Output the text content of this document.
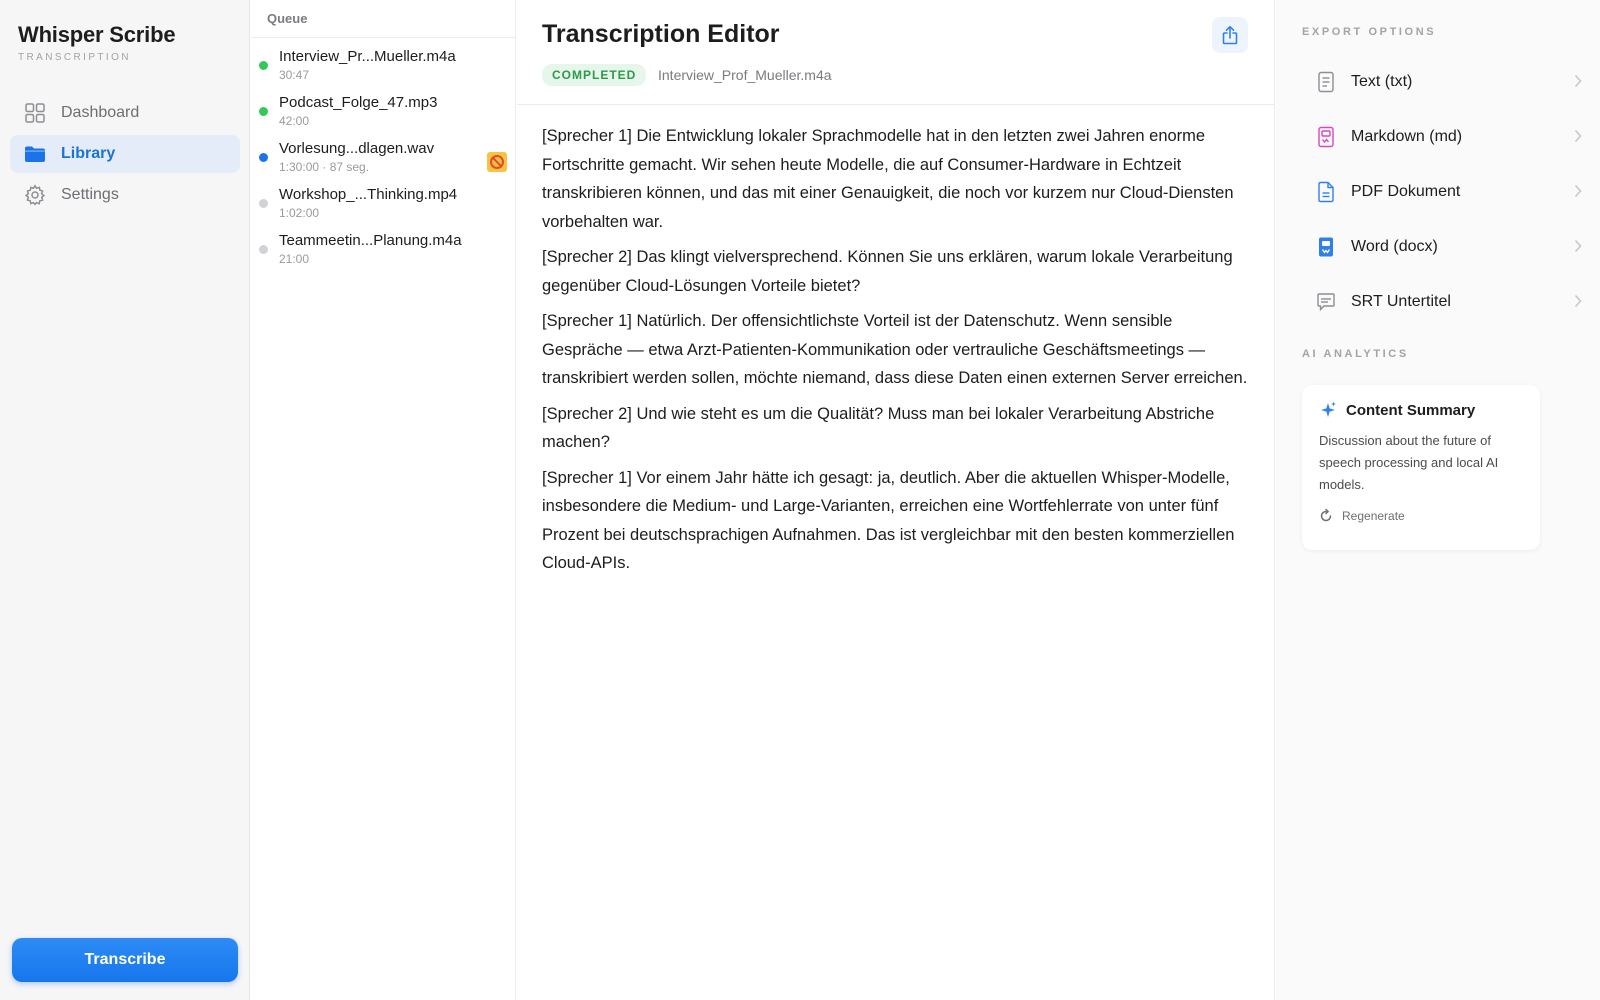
Whisper Scribe
TRANSCRIPTION
Dashboard
Library
Settings
Transcribe
Queue
Interview_Pr...Mueller.m4a
30:47
Podcast_Folge_47.mp3
42:00
Vorlesung...dlagen.wav
1:30:00 · 87 seg.
Workshop_...Thinking.mp4
1:02:00
Teammeetin...Planung.m4a
21:00
Transcription Editor
COMPLETED	Interview_Prof_Mueller.m4a

[Sprecher 1] Die Entwicklung lokaler Sprachmodelle hat in den letzten zwei Jahren enorme Fortschritte gemacht. Wir sehen heute Modelle, die auf Consumer-Hardware in Echtzeit transkribieren können, und das mit einer Genauigkeit, die noch vor kurzem nur Cloud-Diensten vorbehalten war.

[Sprecher 2] Das klingt vielversprechend. Können Sie uns erklären, warum lokale Verarbeitung gegenüber Cloud-Lösungen Vorteile bietet?

[Sprecher 1] Natürlich. Der offensichtlichste Vorteil ist der Datenschutz. Wenn sensible Gespräche — etwa Arzt-Patienten-Kommunikation oder vertrauliche Geschäftsmeetings — transkribiert werden sollen, möchte niemand, dass diese Daten einen externen Server erreichen.

[Sprecher 2] Und wie steht es um die Qualität? Muss man bei lokaler Verarbeitung Abstriche machen?

[Sprecher 1] Vor einem Jahr hätte ich gesagt: ja, deutlich. Aber die aktuellen Whisper-Modelle, insbesondere die Medium- und Large-Varianten, erreichen eine Wortfehlerrate von unter fünf Prozent bei deutschsprachigen Aufnahmen. Das ist vergleichbar mit den besten kommerziellen Cloud-APIs.

EXPORT OPTIONS
Text (txt)
Markdown (md)
PDF Dokument
Word (docx)
SRT Untertitel
AI ANALYTICS
Content Summary
Discussion about the future of speech processing and local AI models.
Regenerate
